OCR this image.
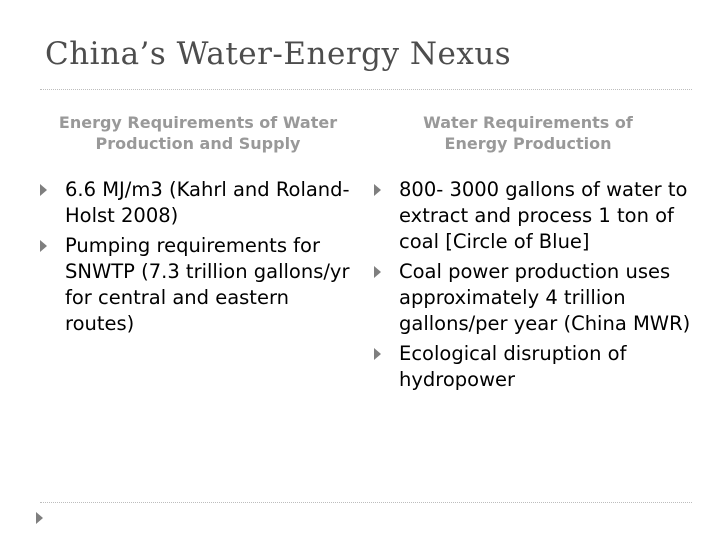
China’s Water-Energy Nexus
Energy Requirements of Water
Production and Supply
Water Requirements of
Energy Production
6.6 MJ/m3 (Kahrl and Roland-Holst 2008)
Pumping requirements for SNWTP (7.3 trillion gallons/yr for central and eastern routes)
800- 3000 gallons of water to extract and process 1 ton of coal [Circle of Blue]
Coal power production uses approximately 4 trillion gallons/per year (China MWR)
Ecological disruption of hydropower
